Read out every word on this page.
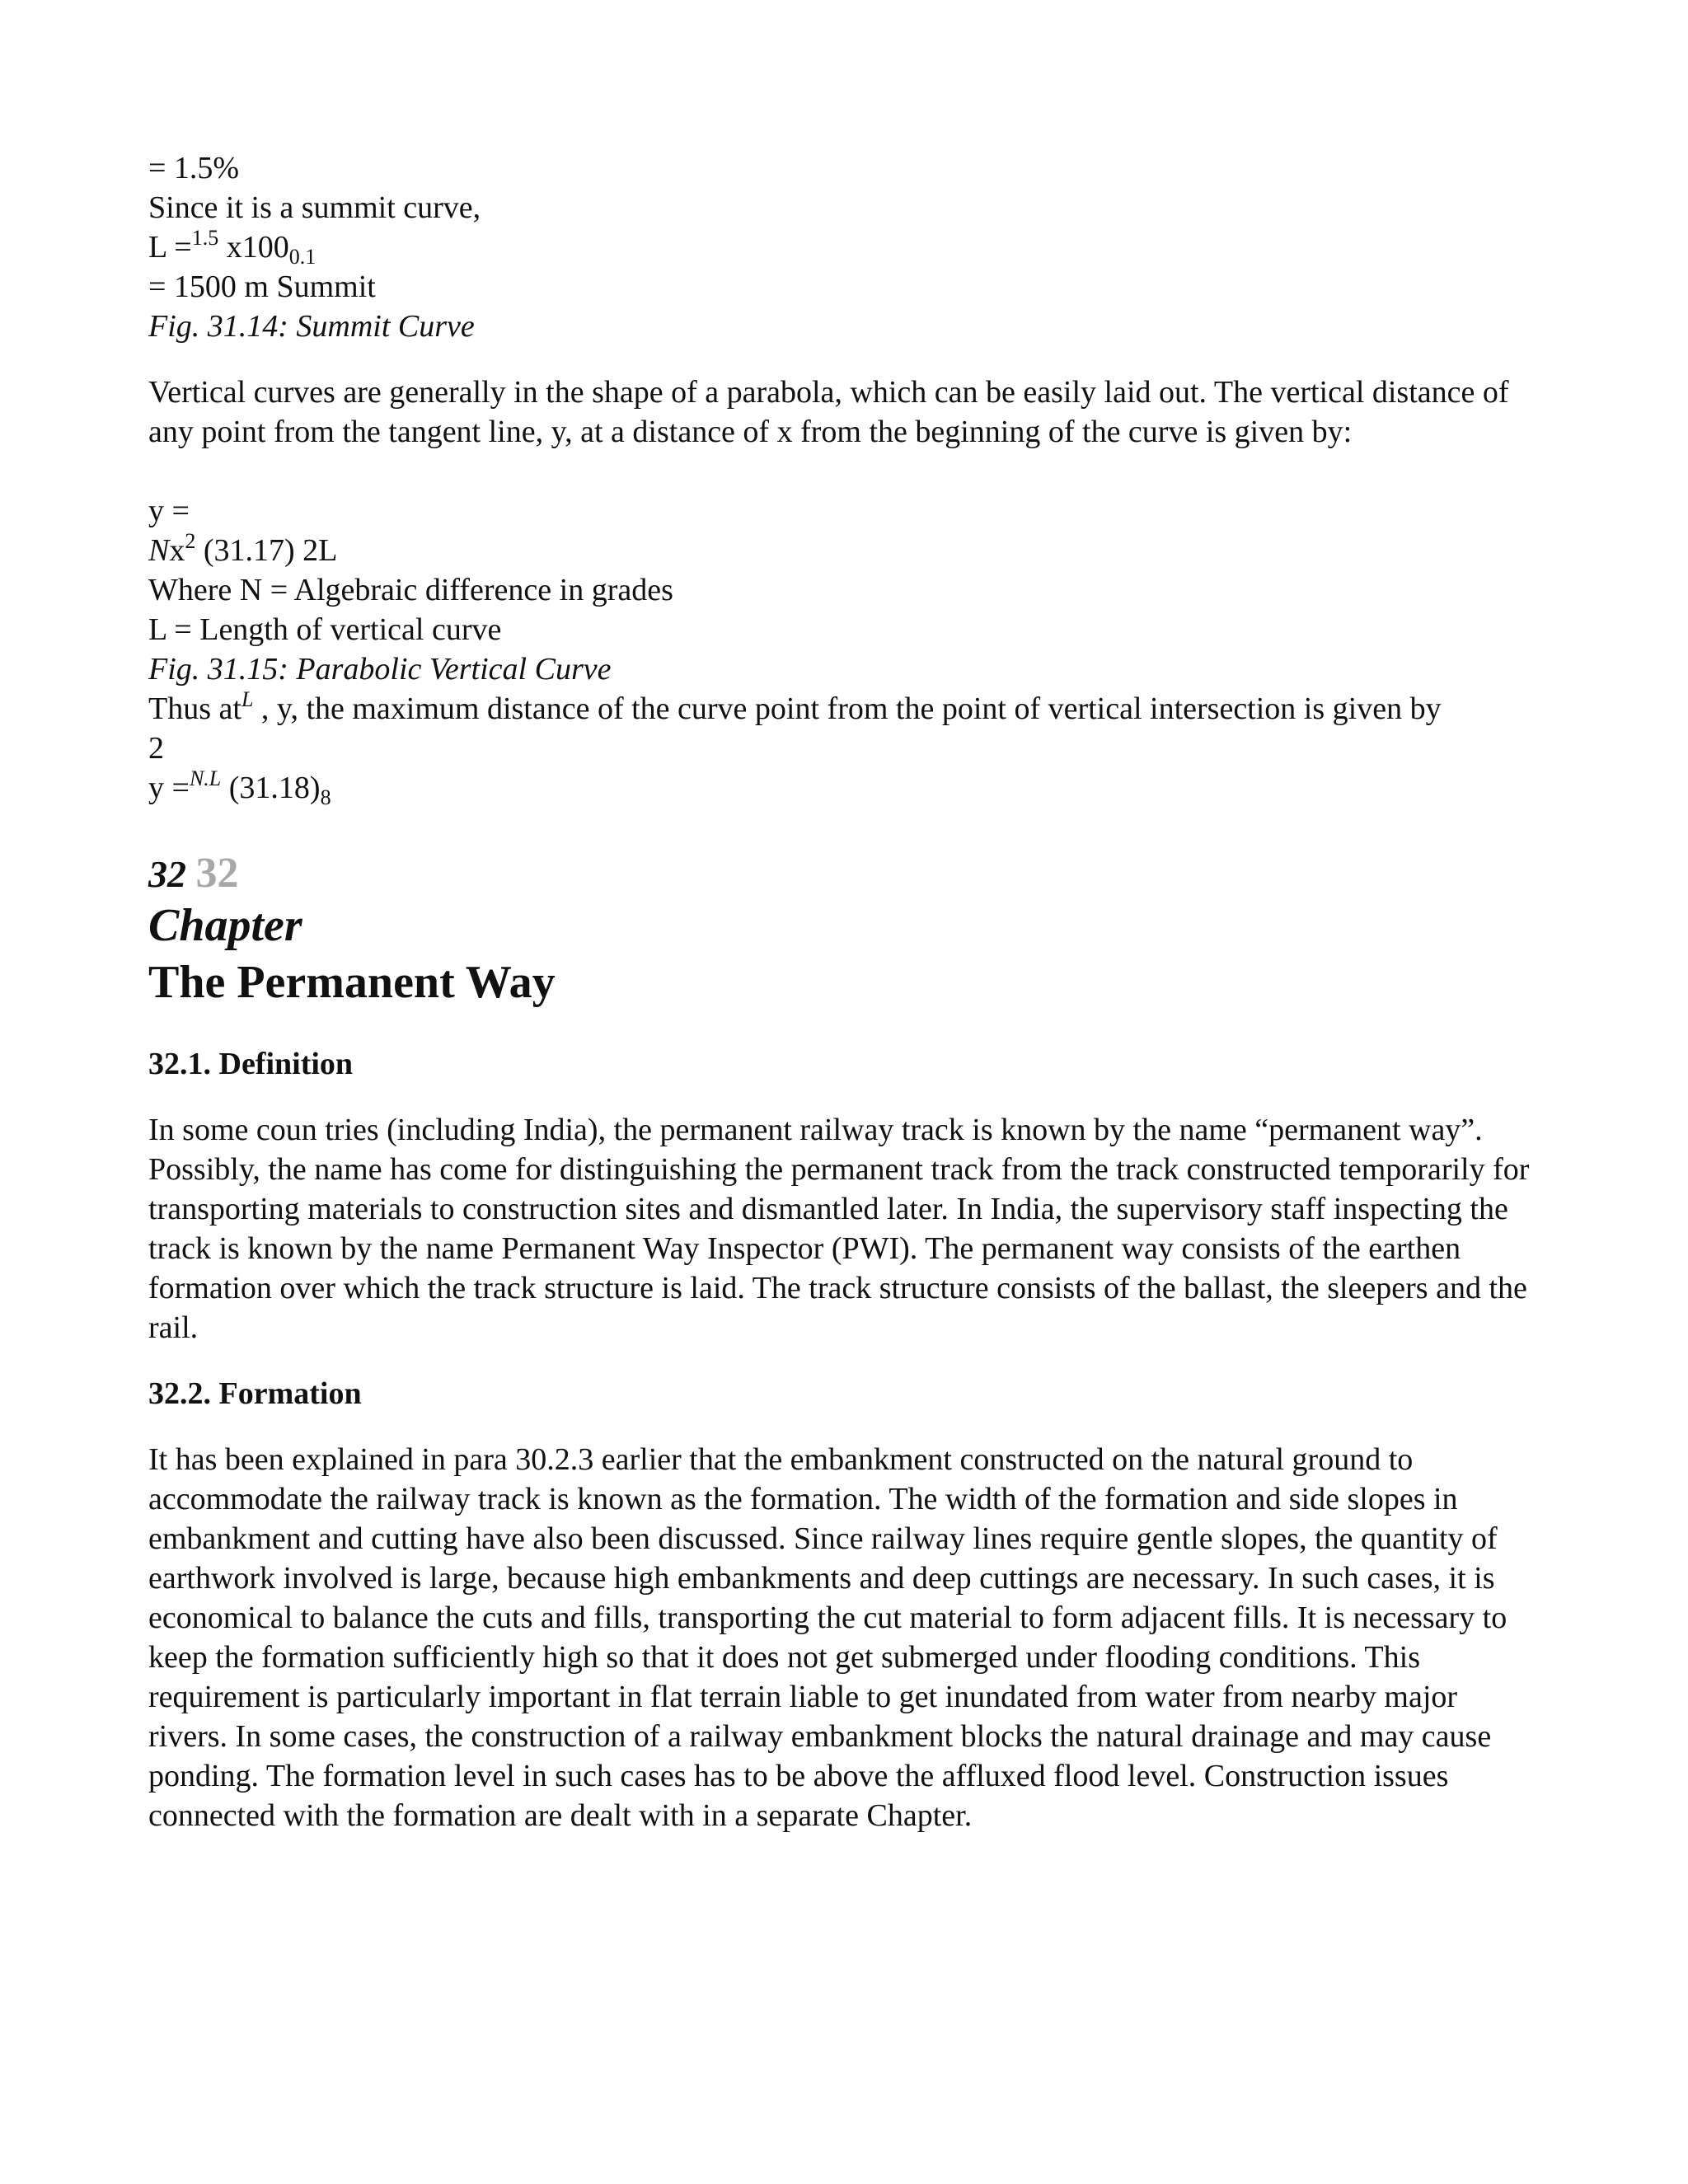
= 1.5%
Since it is a summit curve,
L =$^{1.5}$ $x100_{0.1}$
= 1500 m Summit
Fig. 31.14: Summit Curve
Vertical curves are generally in the shape of a parabola, which can be easily laid out. The vertical distance of any point from the tangent line, y, at a distance of x from the beginning of the curve is given by:
y =
$Nx^2$ (31.17) 2L
Where N = Algebraic difference in grades
L = Length of vertical curve
Fig. 31.15: Parabolic Vertical Curve
Thus $at^L$ , y, the maximum distance of the curve point from the point of vertical intersection is given by
2
y =$^{N.L}$ $(31.18)_8$
32 32
Chapter
The Permanent Way
32.1. Definition
In some coun tries (including India), the permanent railway track is known by the name “permanent way”. Possibly, the name has come for distinguishing the permanent track from the track constructed temporarily for transporting materials to construction sites and dismantled later. In India, the supervisory staff inspecting the track is known by the name Permanent Way Inspector (PWI). The permanent way consists of the earthen formation over which the track structure is laid. The track structure consists of the ballast, the sleepers and the rail.
32.2. Formation
It has been explained in para 30.2.3 earlier that the embankment constructed on the natural ground to accommodate the railway track is known as the formation. The width of the formation and side slopes in embankment and cutting have also been discussed. Since railway lines require gentle slopes, the quantity of earthwork involved is large, because high embankments and deep cuttings are necessary. In such cases, it is economical to balance the cuts and fills, transporting the cut material to form adjacent fills. It is necessary to keep the formation sufficiently high so that it does not get submerged under flooding conditions. This requirement is particularly important in flat terrain liable to get inundated from water from nearby major rivers. In some cases, the construction of a railway embankment blocks the natural drainage and may cause ponding. The formation level in such cases has to be above the affluxed flood level. Construction issues connected with the formation are dealt with in a separate Chapter.
